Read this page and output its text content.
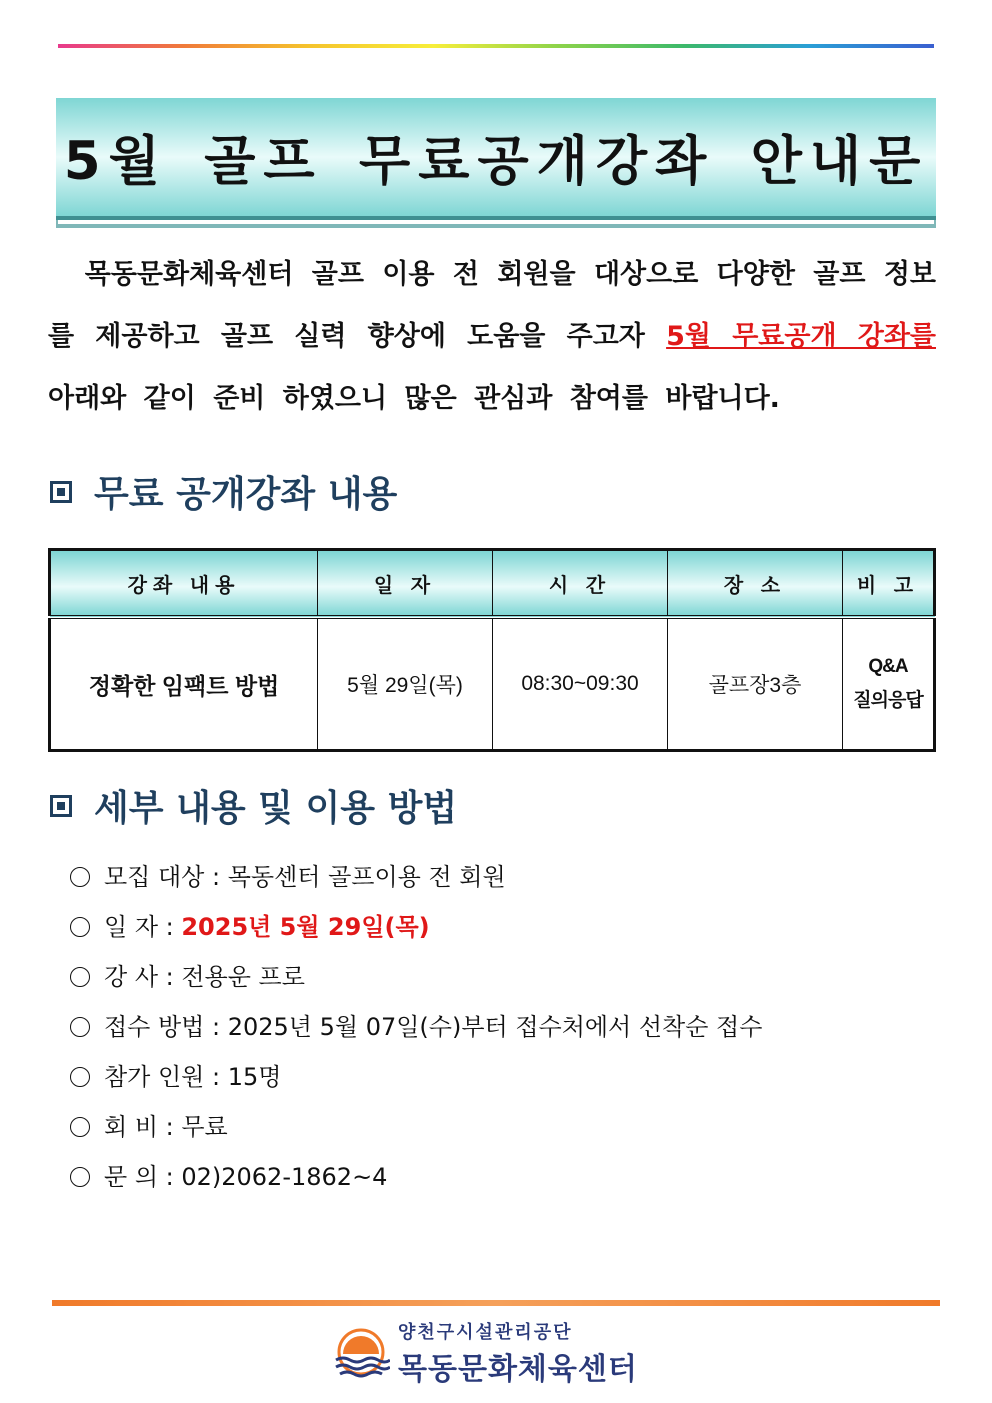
5월 골프 무료공개강좌 안내문
목동문화체육센터 골프 이용 전 회원을 대상으로 다양한 골프 정보를 제공하고 골프 실력 향상에 도움을 주고자 5월 무료공개 강좌를 아래와 같이 준비 하였으니 많은 관심과 참여를 바랍니다.
무료 공개강좌 내용
강좌 내용	일 자	시 간	장 소	비 고
정확한 임팩트 방법	5월 29일(목)	08:30~09:30	골프장3층	Q&A
질의응답
세부 내용 및 이용 방법
모집 대상 : 목동센터 골프이용 전 회원
일 자 : 2025년 5월 29일(목)
강 사 : 전용운 프로
접수 방법 : 2025년 5월 07일(수)부터 접수처에서 선착순 접수
참가 인원 : 15명
회 비 : 무료
문 의 : 02)2062-1862~4
양천구시설관리공단
목동문화체육센터
